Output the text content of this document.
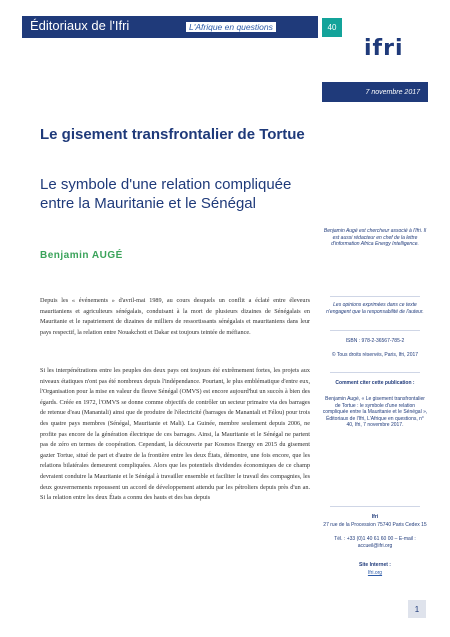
Éditoriaux de l'Ifri	L'Afrique en questions	40
ifri
7 novembre 2017
Le gisement transfrontalier de Tortue
Le symbole d'une relation compliquée entre la Mauritanie et le Sénégal
Benjamin AUGÉ
Depuis les « événements » d'avril-mai 1989, au cours desquels un conflit a éclaté entre éleveurs mauritaniens et agriculteurs sénégalais, conduisant à la mort de plusieurs dizaines de Sénégalais en Mauritanie et le rapatriement de dizaines de milliers de ressortissants sénégalais et mauritaniens dans leur pays respectif, la relation entre Nouakchott et Dakar est toujours teintée de méfiance.
Si les interpénétrations entre les peuples des deux pays ont toujours été extrêmement fortes, les projets aux niveaux étatiques n'ont pas été nombreux depuis l'indépendance. Pourtant, le plus emblématique d'entre eux, l'Organisation pour la mise en valeur du fleuve Sénégal (OMVS) est encore aujourd'hui un succès à bien des égards. Créée en 1972, l'OMVS se donne comme objectifs de contrôler un secteur primaire via des barrages de retenue d'eau (Manantali) ainsi que de produire de l'électricité (barrages de Manantali et Félou) pour trois des quatre pays membres (Sénégal, Mauritanie et Mali). La Guinée, membre seulement depuis 2006, ne profite pas encore de la génération électrique de ces barrages. Ainsi, la Mauritanie et le Sénégal ne partent pas de zéro en termes de coopération. Cependant, la découverte par Kosmos Energy en 2015 du gisement gazier Tortue, situé de part et d'autre de la frontière entre les deux États, démontre, une fois encore, que les relations bilatérales demeurent compliquées. Alors que les potentiels dividendes économiques de ce champ devraient conduire la Mauritanie et le Sénégal à travailler ensemble et faciliter le travail des compagnies, les deux gouvernements repoussent un accord de développement attendu par les pétroliers depuis près d'un an. Si la relation entre les deux États a connu des hauts et des bas depuis
Benjamin Augé est chercheur associé à l'Ifri. Il est aussi rédacteur en chef de la lettre d'information Africa Energy Intelligence.
Les opinions exprimées dans ce texte n'engagent que la responsabilité de l'auteur.
ISBN : 978-2-36567-785-2
© Tous droits réservés, Paris, Ifri, 2017
Comment citer cette publication :
Benjamin Augé, « Le gisement transfrontalier de Tortue : le symbole d'une relation compliquée entre la Mauritanie et le Sénégal », Éditoriaux de l'Ifri, L'Afrique en questions, n° 40, Ifri, 7 novembre 2017.
Ifri
27 rue de la Procession 75740 Paris Cedex 15
Tél. : +33 (0)1 40 61 60 00 – E-mail : accueil@ifri.org
Site Internet :
Ifri.org
1
